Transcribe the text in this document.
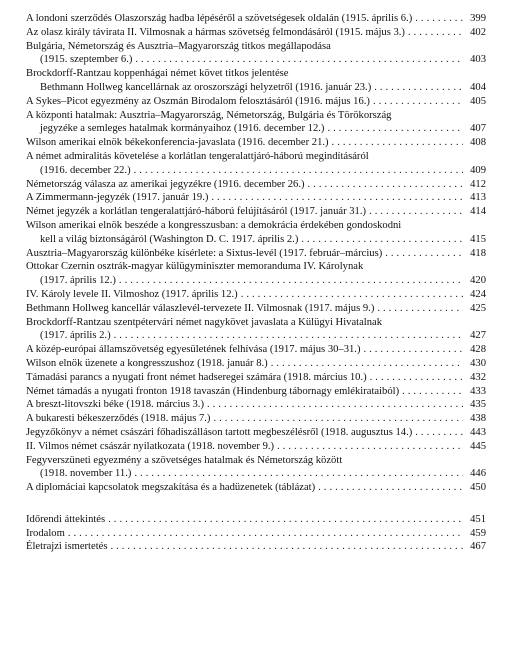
A londoni szerződés Olaszország hadba lépéséről a szövetségesek oldalán (1915. április 6.) .....	399
Az olasz király távirata II. Vilmosnak a hármas szövetség felmondásáról (1915. május 3.) .....	402
Bulgária, Németország és Ausztria–Magyarország titkos megállapodása
(1915. szeptember 6.) .....	403
Brockdorff-Rantzau koppenhágai német követ titkos jelentése
Bethmann Hollweg kancellárnak az oroszországi helyzetről (1916. január 23.) .....	404
A Sykes–Picot egyezmény az Oszmán Birodalom felosztásáról (1916. május 16.) .....	405
A központi hatalmak: Ausztria–Magyarország, Németország, Bulgária és Törökország
jegyzéke a semleges hatalmak kormányaihoz (1916. december 12.) .....	407
Wilson amerikai elnök békekonferencia-javaslata (1916. december 21.) .....	408
A német admiralitás követelése a korlátlan tengeralattjáró-háború megindításáról
(1916. december 22.) .....	409
Németország válasza az amerikai jegyzékre (1916. december 26.) .....	412
A Zimmermann-jegyzék (1917. január 19.) .....	413
Német jegyzék a korlátlan tengeralattjáró-háború felújításáról (1917. január 31.) .....	414
Wilson amerikai elnök beszéde a kongresszusban: a demokrácia érdekében gondoskodni
kell a világ biztonságáról (Washington D. C. 1917. április 2.) .....	415
Ausztria–Magyarország különbéke kísérlete: a Sixtus-levél (1917. február–március) .....	418
Ottokar Czernin osztrák-magyar külügyminiszter memoranduma IV. Károlynak
(1917. április 12.) .....	420
IV. Károly levele II. Vilmoshoz (1917. április 12.) .....	424
Bethmann Hollweg kancellár válaszlevél-tervezete II. Vilmosnak (1917. május 9.) .....	425
Brockdorff-Rantzau szentpétervári német nagykövet javaslata a Külügyi Hivatalnak
(1917. április 2.) .....	427
A közép-európai államszövetség egyesületének felhívása (1917. május 30–31.) .....	428
Wilson elnök üzenete a kongresszushoz (1918. január 8.) .....	430
Támadási parancs a nyugati front német hadseregei számára (1918. március 10.) .....	432
Német támadás a nyugati fronton 1918 tavaszán (Hindenburg tábornagy emlékirataiból) .....	433
A breszt-litovszki béke (1918. március 3.) .....	435
A bukaresti békeszerződés (1918. május 7.) .....	438
Jegyzőkönyv a német császári főhadiszálláson tartott megbeszélésről (1918. augusztus 14.) .....	443
II. Vilmos német császár nyilatkozata (1918. november 9.) .....	445
Fegyverszüneti egyezmény a szövetséges hatalmak és Németország között
(1918. november 11.) .....	446
A diplomáciai kapcsolatok megszakítása és a hadüzenetek (táblázat) .....	450
Időrendi áttekintés .....	451
Irodalom .....	459
Életrajzi ismertetés .....	467
